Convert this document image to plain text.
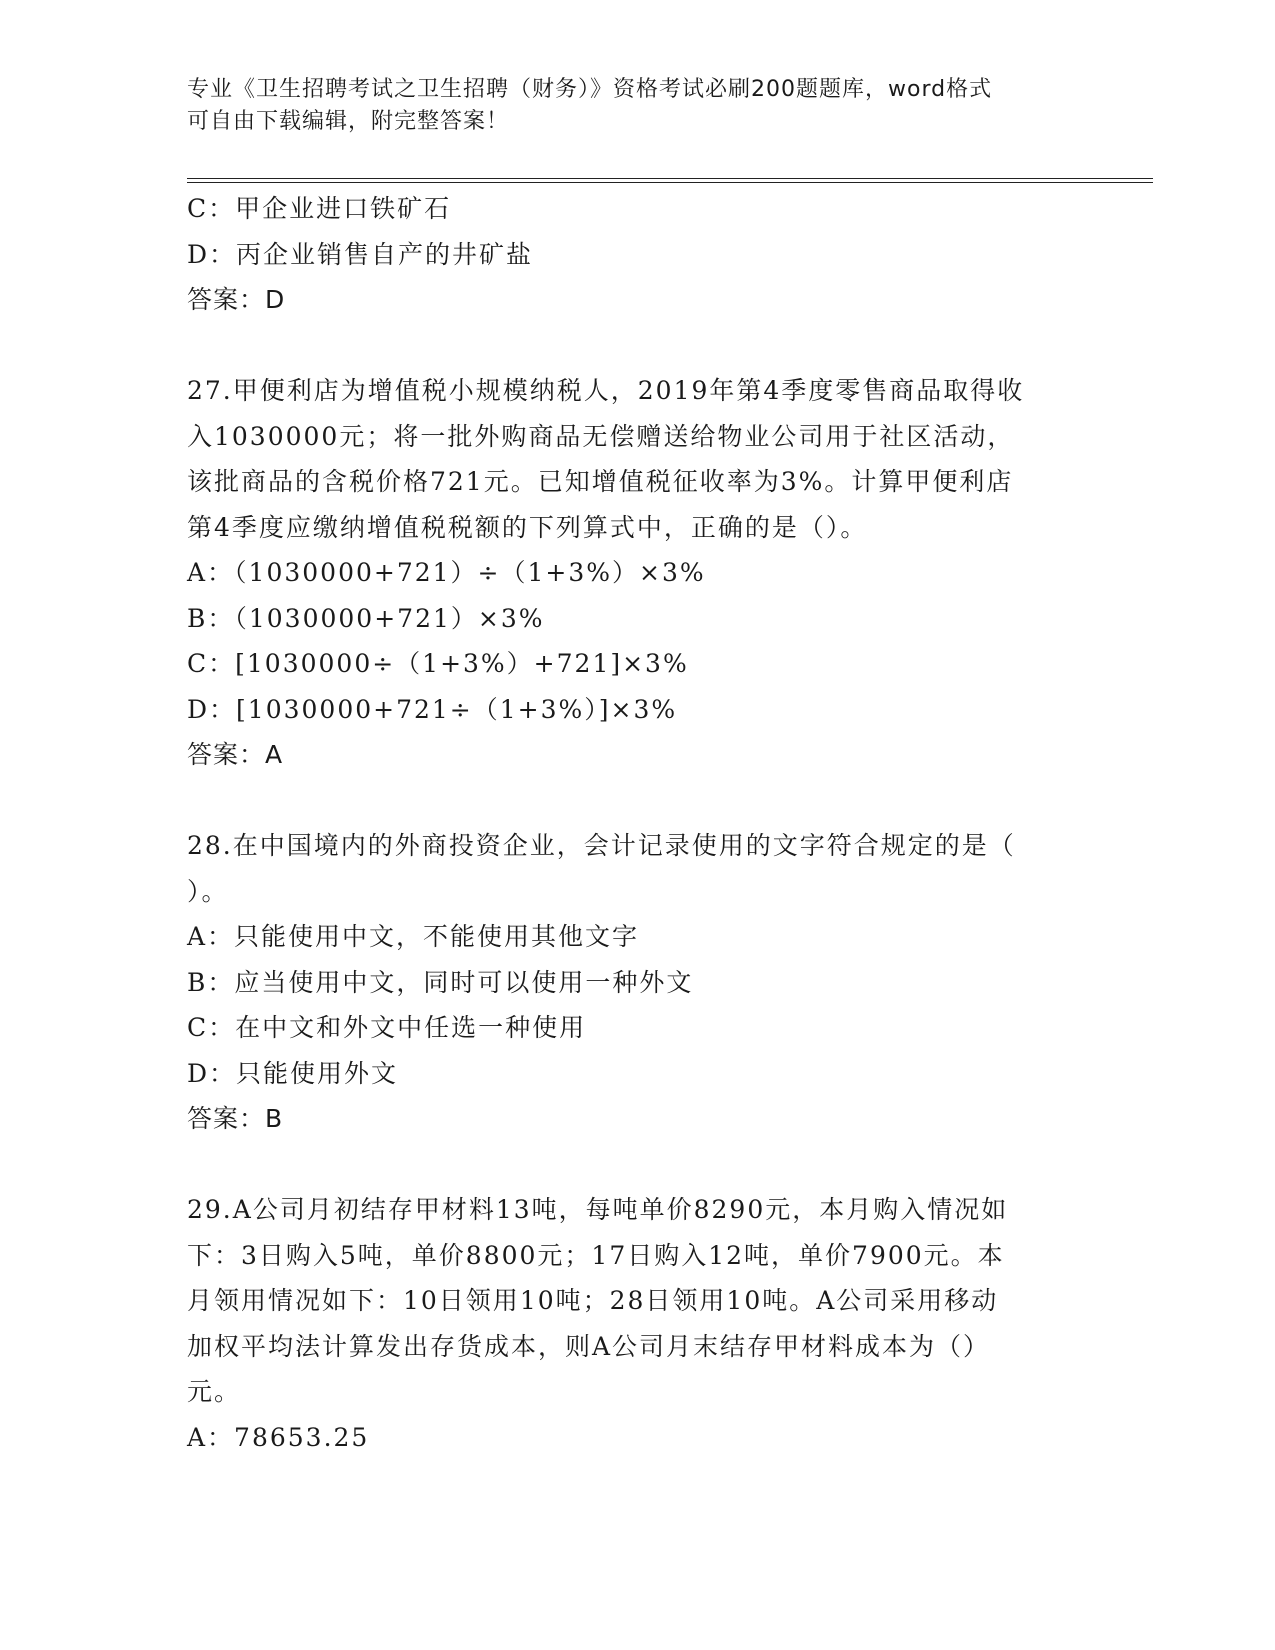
专业《卫生招聘考试之卫生招聘（财务）》资格考试必刷200题题库，word格式
可自由下载编辑，附完整答案！

C：甲企业进口铁矿石

D：丙企业销售自产的井矿盐

答案：D

27.甲便利店为增值税小规模纳税人，2019年第4季度零售商品取得收

入1030000元；将一批外购商品无偿赠送给物业公司用于社区活动，

该批商品的含税价格721元。已知增值税征收率为3%。计算甲便利店

第4季度应缴纳增值税税额的下列算式中，正确的是（）。

A：（1030000+721）÷（1+3%）×3%

B：（1030000+721）×3%

C：[1030000÷（1+3%）+721]×3%

D：[1030000+721÷（1+3%）]×3%

答案：A

28.在中国境内的外商投资企业，会计记录使用的文字符合规定的是（

）。

A：只能使用中文，不能使用其他文字

B：应当使用中文，同时可以使用一种外文

C：在中文和外文中任选一种使用

D：只能使用外文

答案：B

29.A公司月初结存甲材料13吨，每吨单价8290元，本月购入情况如

下：3日购入5吨，单价8800元；17日购入12吨，单价7900元。本

月领用情况如下：10日领用10吨；28日领用10吨。A公司采用移动

加权平均法计算发出存货成本，则A公司月末结存甲材料成本为（）

元。

A：78653.25
